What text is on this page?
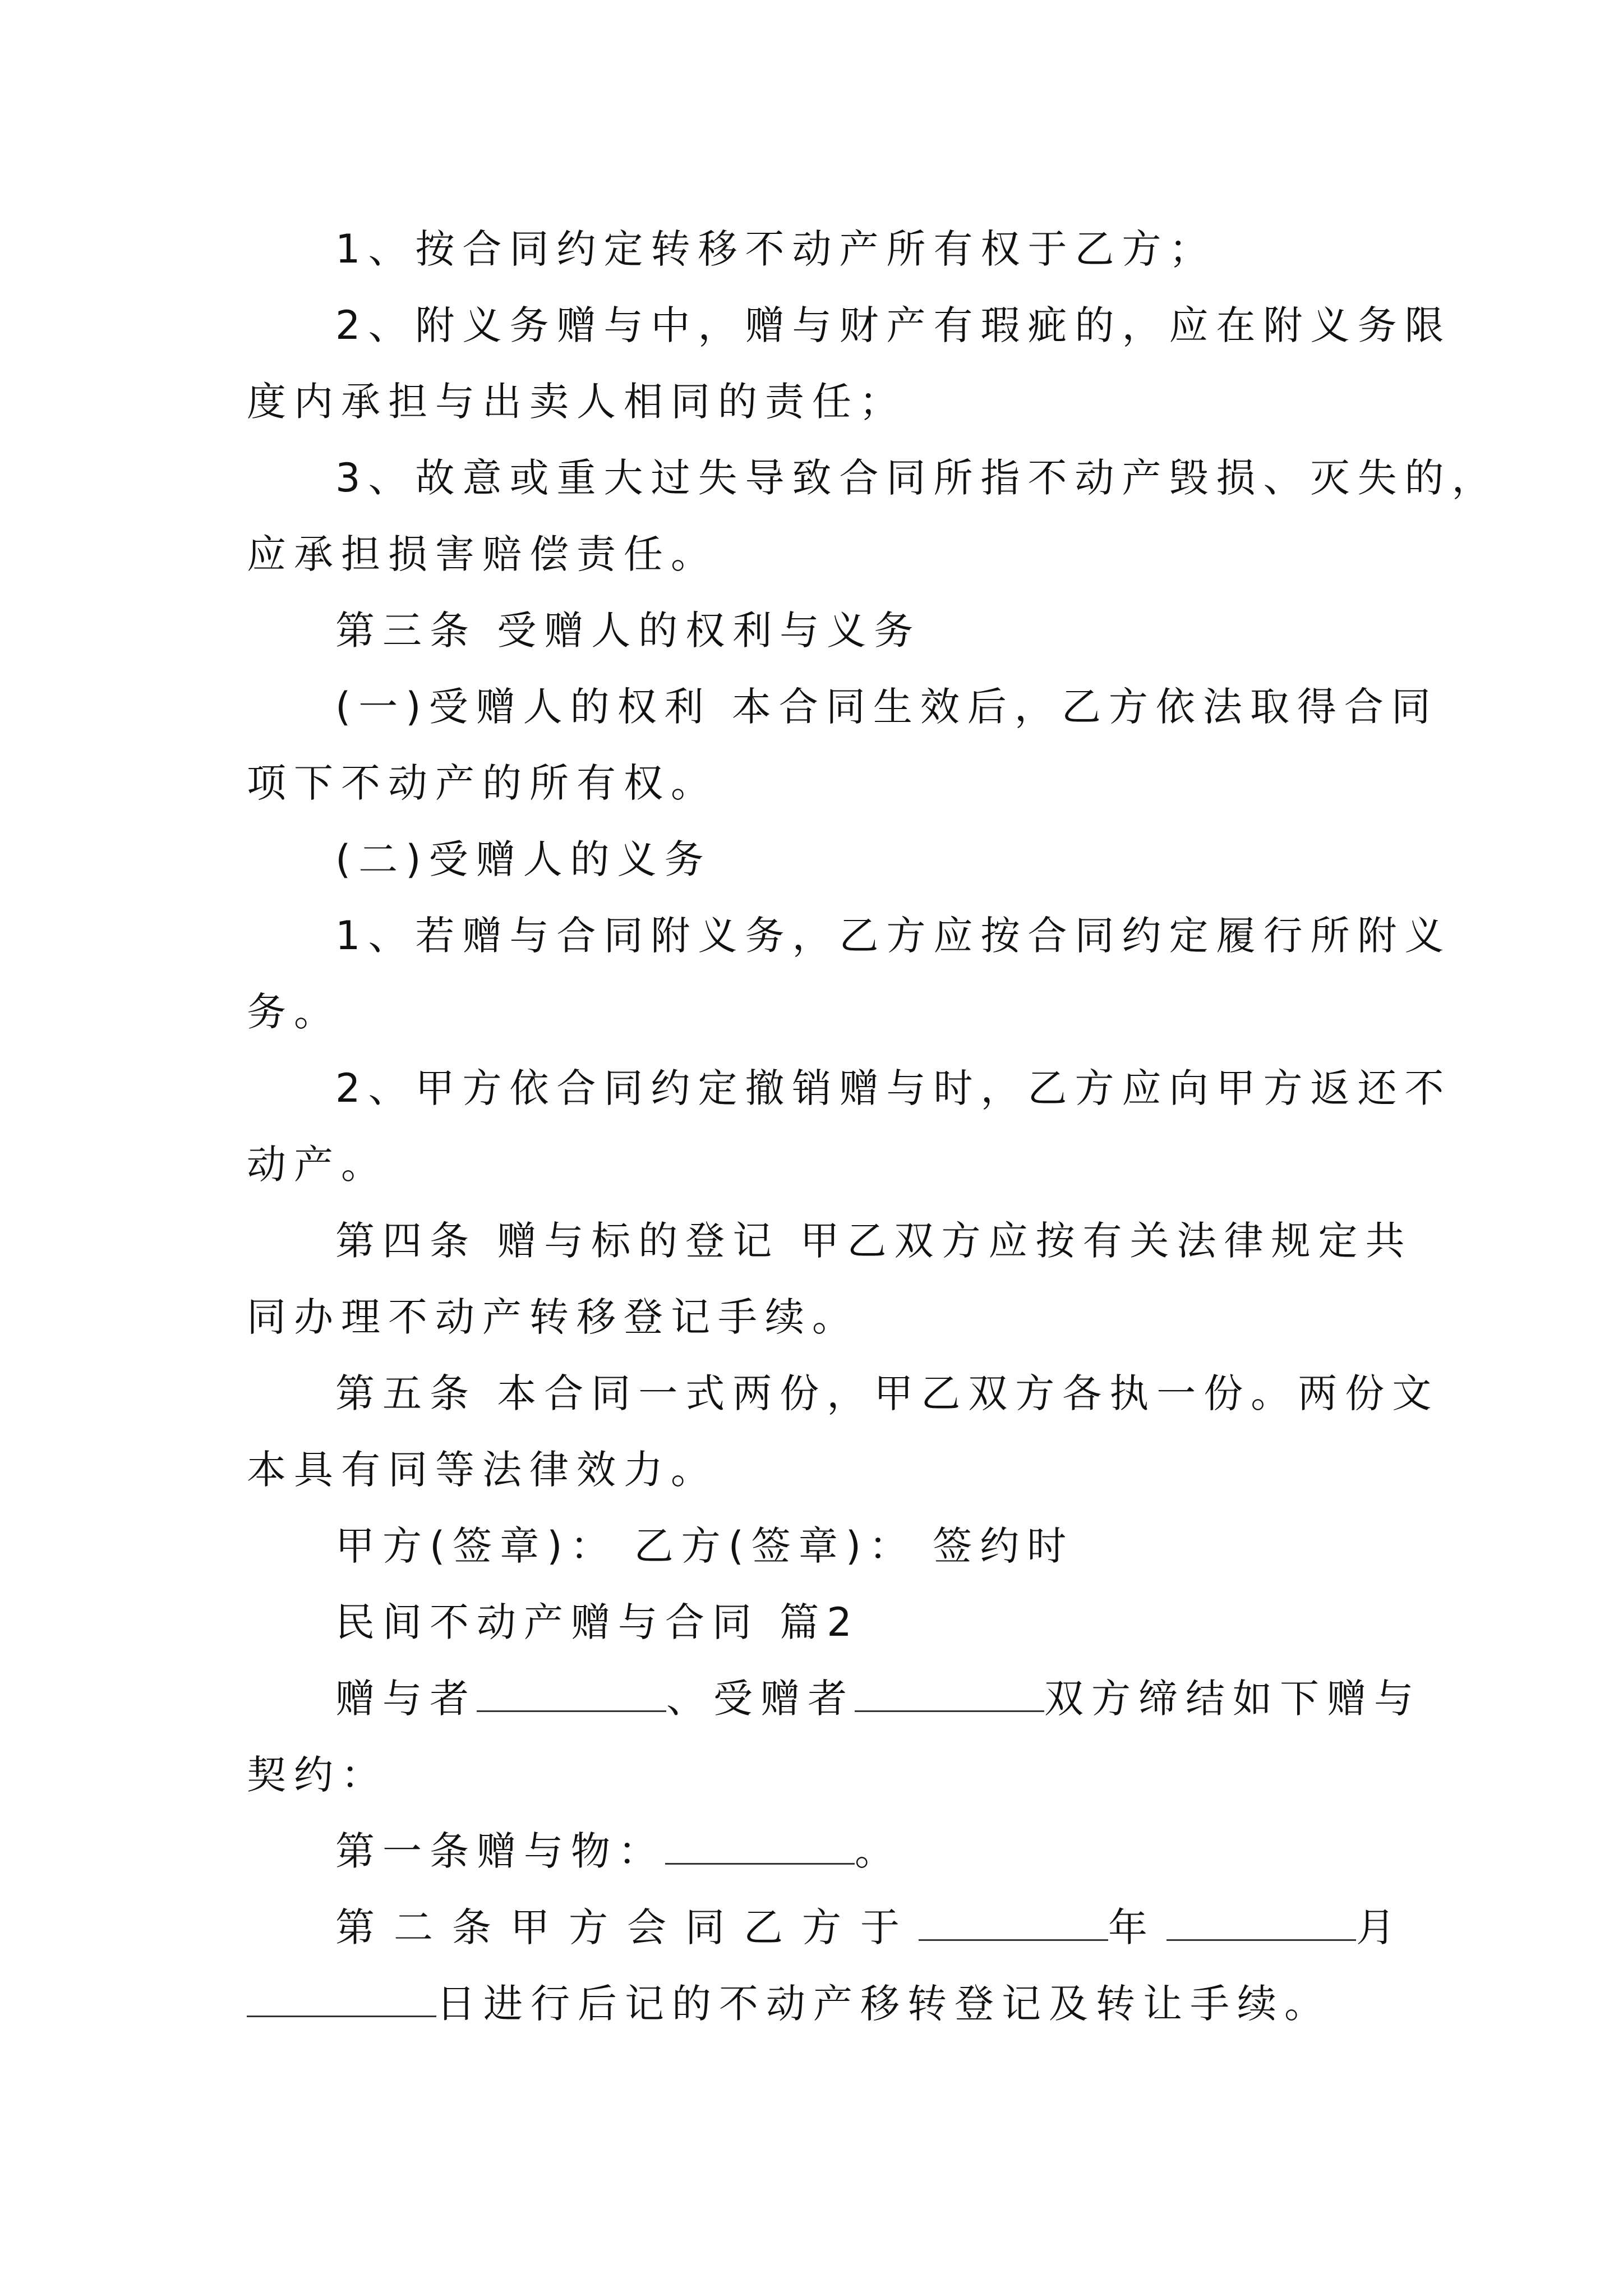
1、按合同约定转移不动产所有权于乙方；

2、附义务赠与中，赠与财产有瑕疵的，应在附义务限
度内承担与出卖人相同的责任；

3、故意或重大过失导致合同所指不动产毁损、灭失的，
应承担损害赔偿责任。

第三条 受赠人的权利与义务

(一)受赠人的权利 本合同生效后，乙方依法取得合同
项下不动产的所有权。

(二)受赠人的义务

1、若赠与合同附义务，乙方应按合同约定履行所附义
务。

2、甲方依合同约定撤销赠与时，乙方应向甲方返还不
动产。

第四条 赠与标的登记 甲乙双方应按有关法律规定共
同办理不动产转移登记手续。

第五条 本合同一式两份，甲乙双方各执一份。两份文
本具有同等法律效力。

甲方(签章)： 乙方(签章)： 签约时

民间不动产赠与合同 篇2

赠与者	、受赠者	双方缔结如下赠与
契约：

第一条赠与物：	。

第二条甲方会同乙方于	年	月
日进行后记的不动产移转登记及转让手续。
